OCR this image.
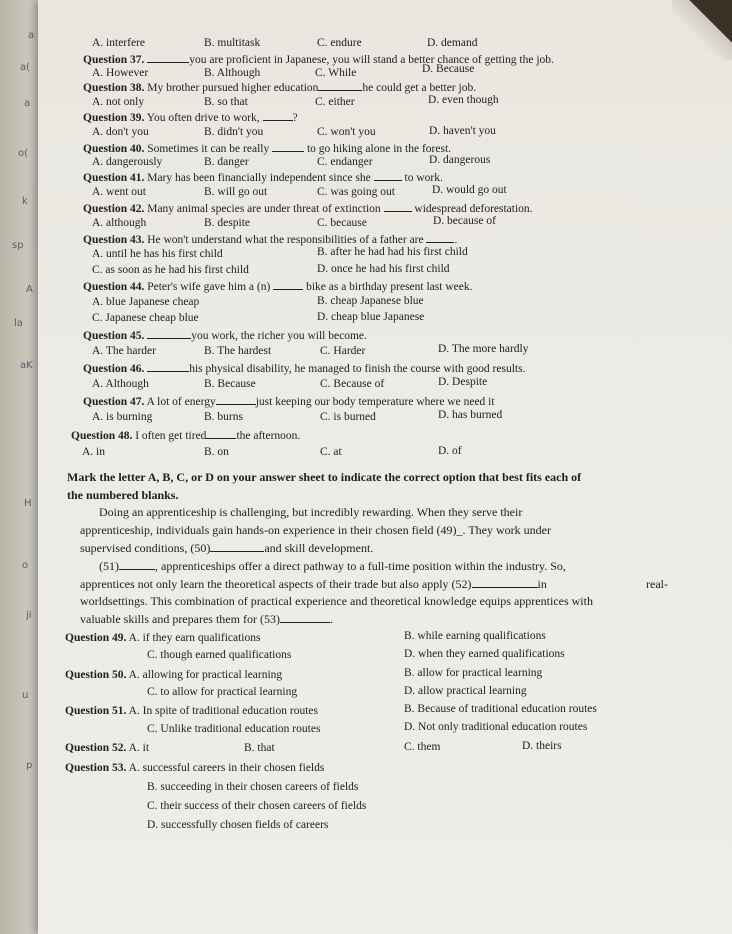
a
a(
a
o(
k
sp
A
la
aK
H
o
ji
u
p
A. interfere	B. multitask	C. endure	D. demand
Question 37.	you are proficient in Japanese, you will stand a better chance of getting the job.
A. However	B. Although	C. While	D. Because
Question 38. My brother pursued higher education	he could get a better job.
A. not only	B. so that	C. either	D. even though
Question 39. You often drive to work,	?
A. don't you	B. didn't you	C. won't you	D. haven't you
Question 40. Sometimes it can be really	to go hiking alone in the forest.
A. dangerously	B. danger	C. endanger	D. dangerous
Question 41. Mary has been financially independent since she	to work.
A. went out	B. will go out	C. was going out	D. would go out
Question 42. Many animal species are under threat of extinction	widespread deforestation.
A. although	B. despite	C. because	D. because of
Question 43. He won't understand what the responsibilities of a father are	.
A. until he has his first child	B. after he had had his first child
C. as soon as he had his first child	D. once he had his first child
Question 44. Peter's wife gave him a (n)	bike as a birthday present last week.
A. blue Japanese cheap	B. cheap Japanese blue
C. Japanese cheap blue	D. cheap blue Japanese
Question 45.	you work, the richer you will become.
A. The harder	B. The hardest	C. Harder	D. The more hardly
Question 46.	his physical disability, he managed to finish the course with good results.
A. Although	B. Because	C. Because of	D. Despite
Question 47. A lot of energy	just keeping our body temperature where we need it
A. is burning	B. burns	C. is burned	D. has burned
Question 48. I often get tired	the afternoon.
A. in	B. on	C. at	D. of
Mark the letter A, B, C, or D on your answer sheet to indicate the correct option that best fits each of
the numbered blanks.
Doing an apprenticeship is challenging, but incredibly rewarding. When they serve their
apprenticeship, individuals gain hands-on experience in their chosen field (49)_. They work under
supervised conditions, (50)	and skill development.
(51)	, apprenticeships offer a direct pathway to a full-time position within the industry. So,
apprentices not only learn the theoretical aspects of their trade but also apply (52)	in	real-
worldsettings. This combination of practical experience and theoretical knowledge equips apprentices with
valuable skills and prepares them for (53)	.
Question 49. A. if they earn qualifications	B. while earning qualifications
C. though earned qualifications	D. when they earned qualifications
Question 50. A. allowing for practical learning	B. allow for practical learning
C. to allow for practical learning	D. allow practical learning
Question 51. A. In spite of traditional education routes	B. Because of traditional education routes
C. Unlike traditional education routes	D. Not only traditional education routes
Question 52. A. it	B. that	C. them	D. theirs
Question 53. A. successful careers in their chosen fields
B. succeeding in their chosen careers of fields
C. their success of their chosen careers of fields
D. successfully chosen fields of careers
